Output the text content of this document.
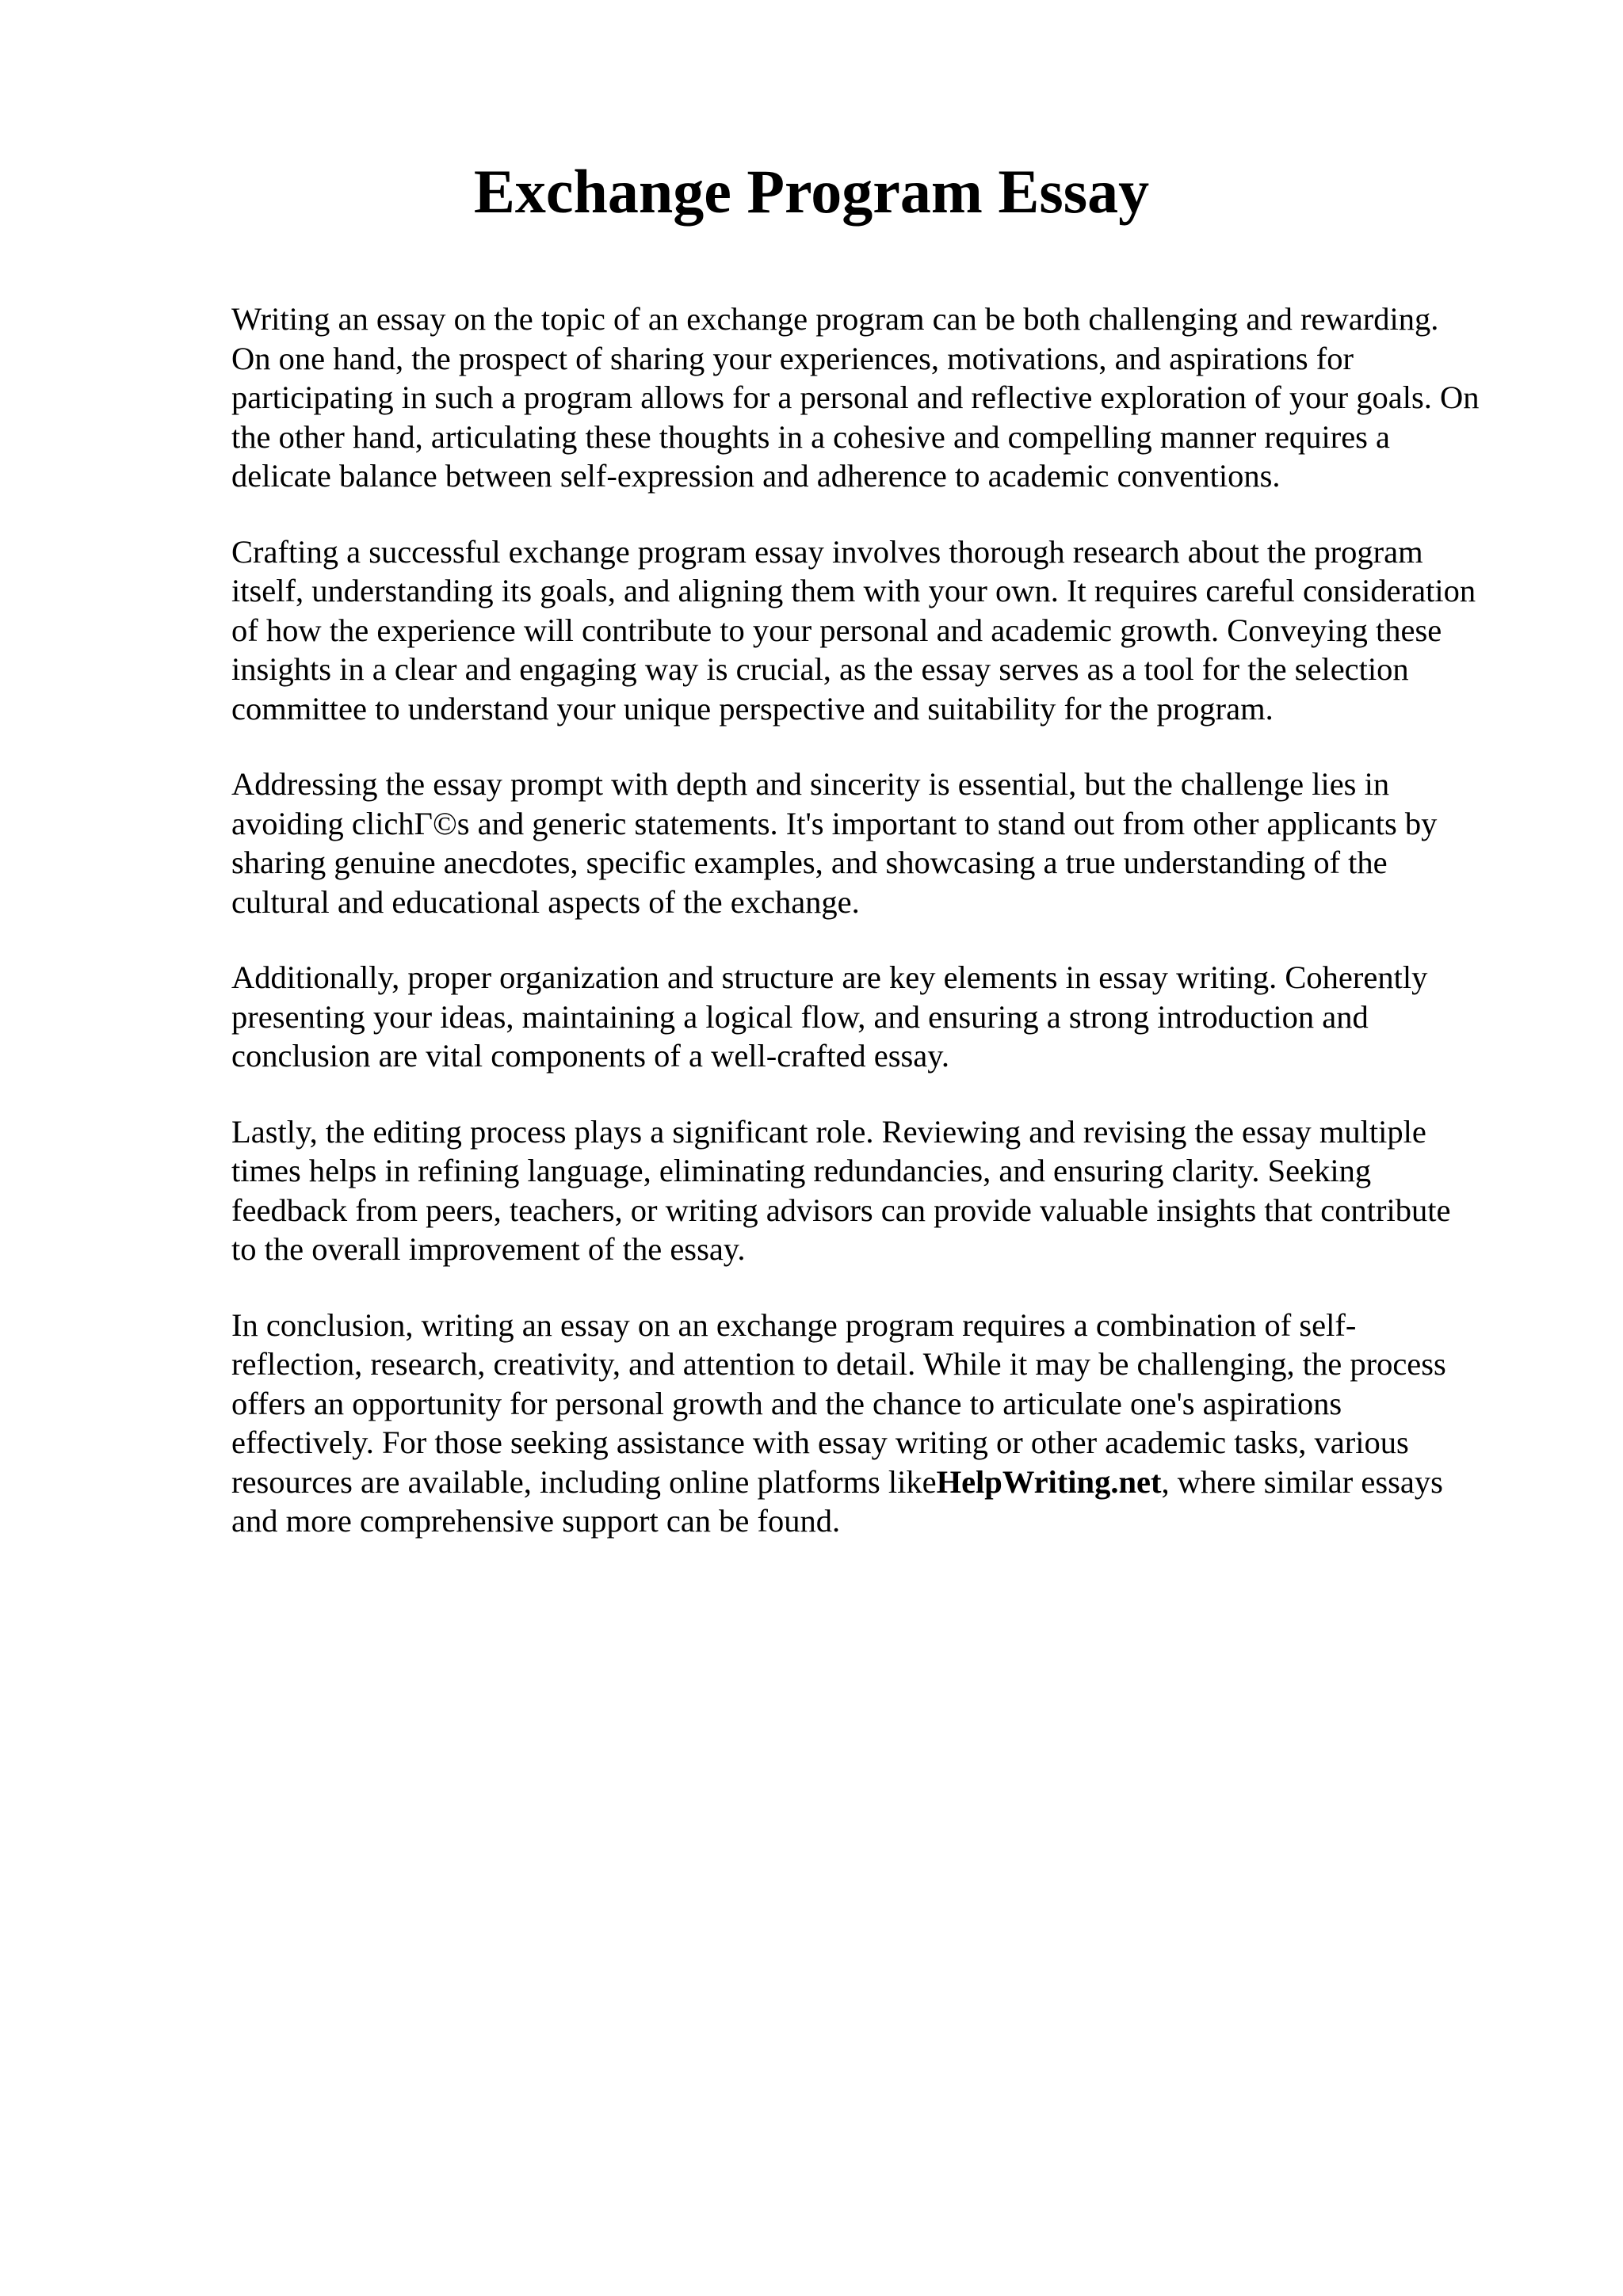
Exchange Program Essay

Writing an essay on the topic of an exchange program can be both challenging and rewarding.
On one hand, the prospect of sharing your experiences, motivations, and aspirations for
participating in such a program allows for a personal and reflective exploration of your goals. On
the other hand, articulating these thoughts in a cohesive and compelling manner requires a
delicate balance between self-expression and adherence to academic conventions.

Crafting a successful exchange program essay involves thorough research about the program
itself, understanding its goals, and aligning them with your own. It requires careful consideration
of how the experience will contribute to your personal and academic growth. Conveying these
insights in a clear and engaging way is crucial, as the essay serves as a tool for the selection
committee to understand your unique perspective and suitability for the program.

Addressing the essay prompt with depth and sincerity is essential, but the challenge lies in
avoiding clichГ©s and generic statements. It's important to stand out from other applicants by
sharing genuine anecdotes, specific examples, and showcasing a true understanding of the
cultural and educational aspects of the exchange.

Additionally, proper organization and structure are key elements in essay writing. Coherently
presenting your ideas, maintaining a logical flow, and ensuring a strong introduction and
conclusion are vital components of a well-crafted essay.

Lastly, the editing process plays a significant role. Reviewing and revising the essay multiple
times helps in refining language, eliminating redundancies, and ensuring clarity. Seeking
feedback from peers, teachers, or writing advisors can provide valuable insights that contribute
to the overall improvement of the essay.

In conclusion, writing an essay on an exchange program requires a combination of self-
reflection, research, creativity, and attention to detail. While it may be challenging, the process
offers an opportunity for personal growth and the chance to articulate one's aspirations
effectively. For those seeking assistance with essay writing or other academic tasks, various
resources are available, including online platforms likeHelpWriting.net, where similar essays
and more comprehensive support can be found.
